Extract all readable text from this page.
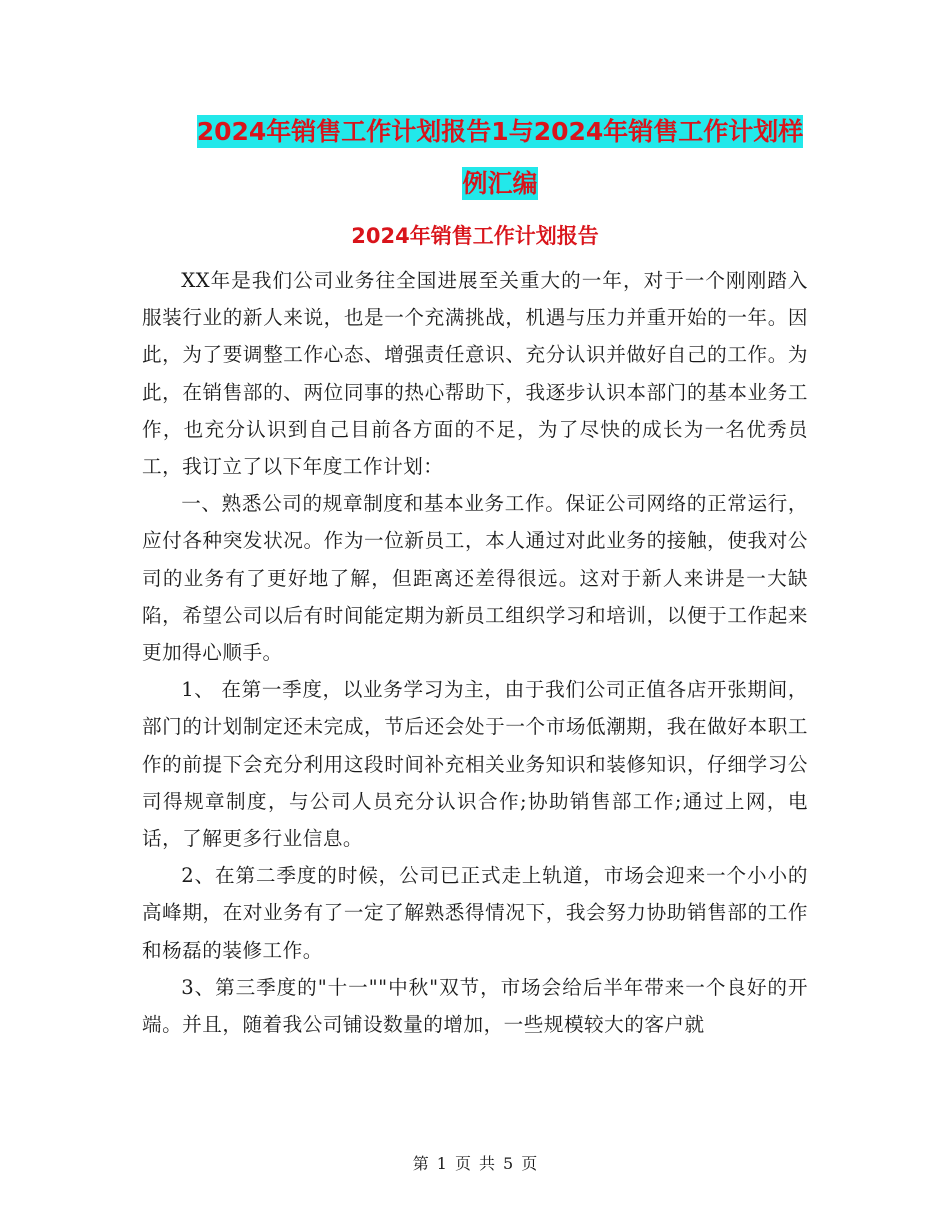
2024年销售工作计划报告1与2024年销售工作计划样
例汇编
2024年销售工作计划报告

XX年是我们公司业务往全国进展至关重大的一年，对于一个刚刚踏入服装行业的新人来说，也是一个充满挑战，机遇与压力并重开始的一年。因此，为了要调整工作心态、增强责任意识、充分认识并做好自己的工作。为此，在销售部的、两位同事的热心帮助下，我逐步认识本部门的基本业务工作，也充分认识到自己目前各方面的不足，为了尽快的成长为一名优秀员工，我订立了以下年度工作计划：

一、熟悉公司的规章制度和基本业务工作。保证公司网络的正常运行，应付各种突发状况。作为一位新员工，本人通过对此业务的接触，使我对公司的业务有了更好地了解，但距离还差得很远。这对于新人来讲是一大缺陷，希望公司以后有时间能定期为新员工组织学习和培训，以便于工作起来更加得心顺手。

1、 在第一季度，以业务学习为主，由于我们公司正值各店开张期间，部门的计划制定还未完成，节后还会处于一个市场低潮期，我在做好本职工作的前提下会充分利用这段时间补充相关业务知识和装修知识，仔细学习公司得规章制度，与公司人员充分认识合作;协助销售部工作;通过上网，电话，了解更多行业信息。

2、在第二季度的时候，公司已正式走上轨道，市场会迎来一个小小的高峰期，在对业务有了一定了解熟悉得情况下，我会努力协助销售部的工作和杨磊的装修工作。

3、第三季度的"十一""中秋"双节，市场会给后半年带来一个良好的开端。并且，随着我公司铺设数量的增加，一些规模较大的客户就

第 1 页 共 5 页
